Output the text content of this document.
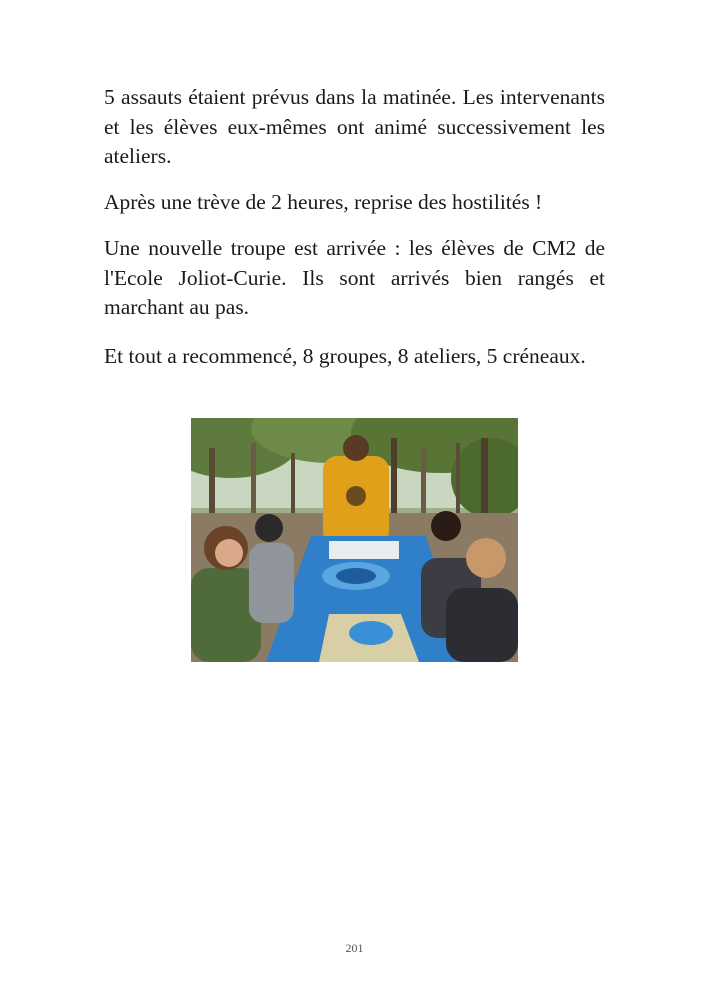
5 assauts étaient prévus dans la matinée. Les intervenants et les élèves eux-mêmes ont animé successivement les ateliers.

Après une trève de 2 heures, reprise des hostilités !

Une nouvelle troupe est arrivée : les élèves de CM2 de l'Ecole Joliot-Curie. Ils sont arrivés bien rangés et marchant au pas.

Et tout a recommencé, 8 groupes, 8 ateliers, 5 créneaux.

201
